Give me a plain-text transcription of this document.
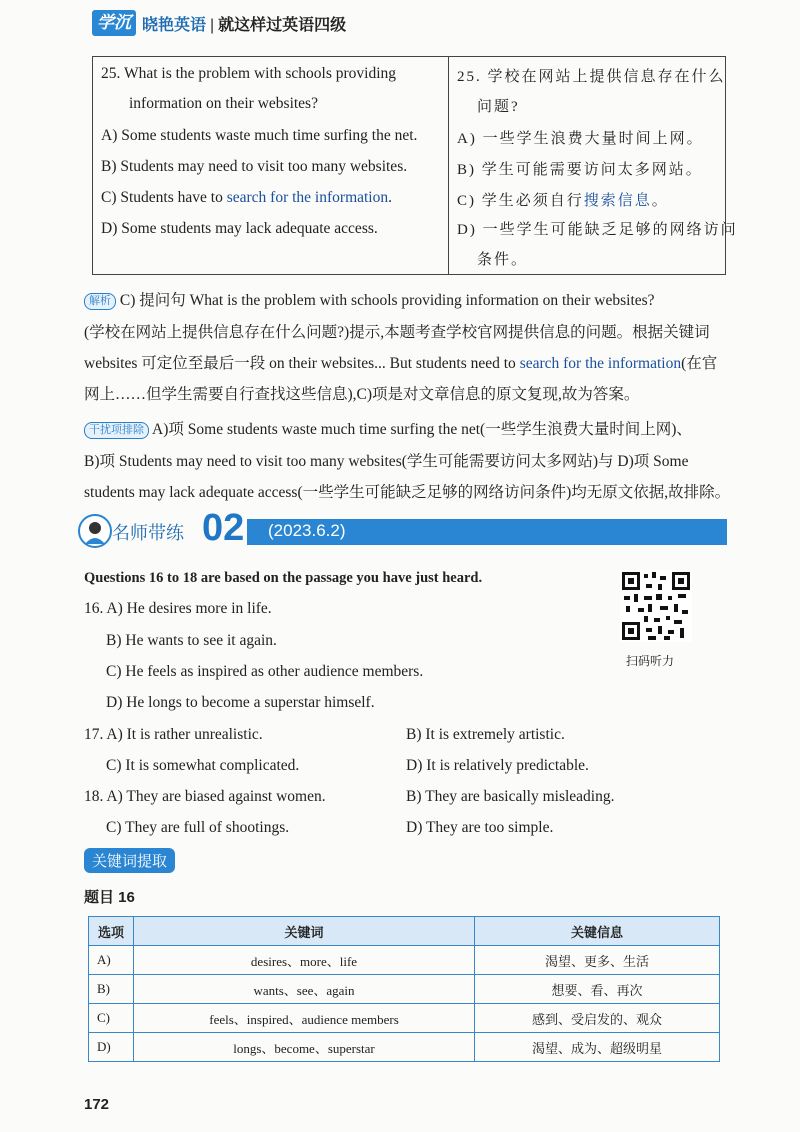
学沉 晓艳英语 | 就这样过英语四级
25. What is the problem with schools providing
information on their websites?
A) Some students waste much time surfing the net.
B) Students may need to visit too many websites.
C) Students have to search for the information.
D) Some students may lack adequate access.
25. 学校在网站上提供信息存在什么
问题?
A) 一些学生浪费大量时间上网。
B) 学生可能需要访问太多网站。
C) 学生必须自行搜索信息。
D) 一些学生可能缺乏足够的网络访问
条件。
解析 C) 提问句 What is the problem with schools providing information on their websites?
(学校在网站上提供信息存在什么问题?)提示,本题考查学校官网提供信息的问题。根据关键词
websites 可定位至最后一段 on their websites... But students need to search for the information(在官
网上……但学生需要自行查找这些信息),C)项是对文章信息的原文复现,故为答案。
干扰项排除 A)项 Some students waste much time surfing the net(一些学生浪费大量时间上网)、
B)项 Students may need to visit too many websites(学生可能需要访问太多网站)与 D)项 Some
students may lack adequate access(一些学生可能缺乏足够的网络访问条件)均无原文依据,故排除。
名师带练 02 (2023.6.2)
Questions 16 to 18 are based on the passage you have just heard.
扫码听力
16. A) He desires more in life.
B) He wants to see it again.
C) He feels as inspired as other audience members.
D) He longs to become a superstar himself.
17. A) It is rather unrealistic.	B) It is extremely artistic.
C) It is somewhat complicated.	D) It is relatively predictable.
18. A) They are biased against women.	B) They are basically misleading.
C) They are full of shootings.	D) They are too simple.
关键词提取
题目 16
选项	关键词	关键信息
A)	desires、more、life	渴望、更多、生活
B)	wants、see、again	想要、看、再次
C)	feels、inspired、audience members	感到、受启发的、观众
D)	longs、become、superstar	渴望、成为、超级明星
172
